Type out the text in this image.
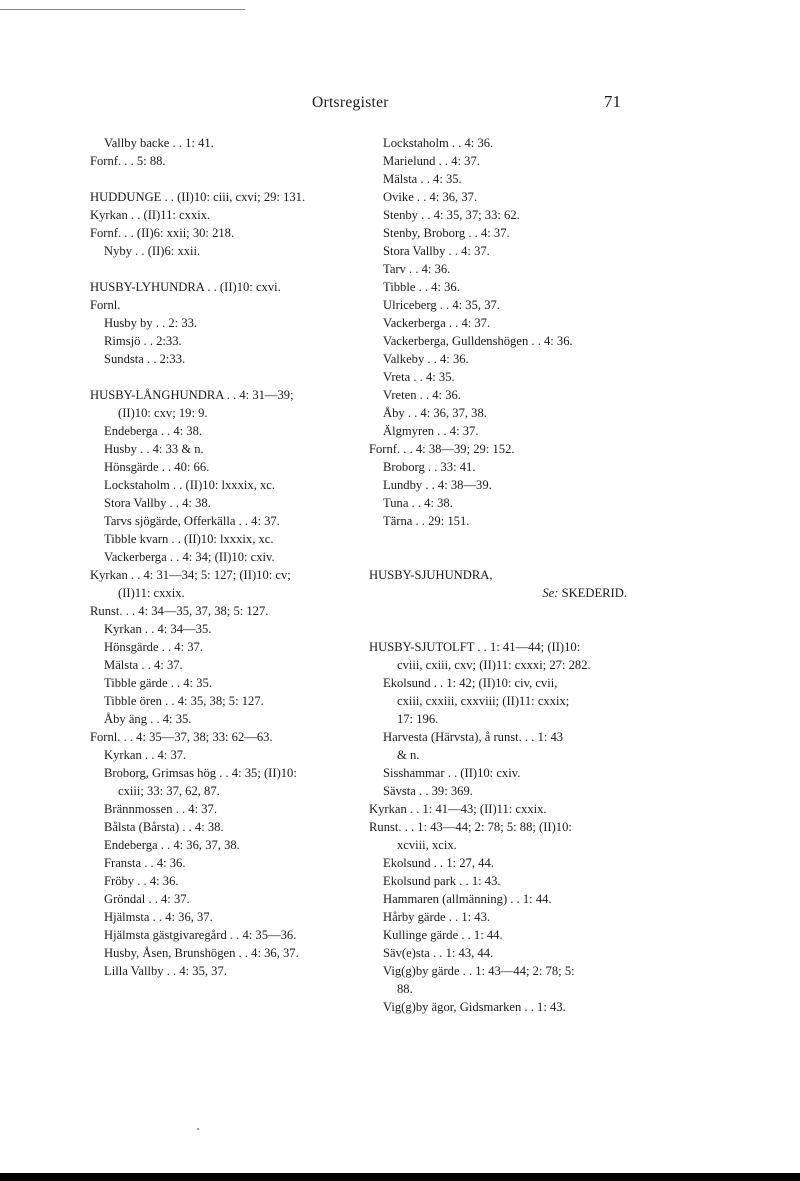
Ortsregister	71
Vallby backe . . 1: 41.
Fornf. . . 5: 88.
HUDDUNGE . . (II)10: ciii, cxvi; 29: 131.
Kyrkan . . (II)11: cxxix.
Fornf. . . (II)6: xxii; 30: 218.
Nyby . . (II)6: xxii.
HUSBY-LYHUNDRA . . (II)10: cxvi.
Fornl.
Husby by . . 2: 33.
Rimsjö . . 2:33.
Sundsta . . 2:33.
HUSBY-LÅNGHUNDRA . . 4: 31—39;
(II)10: cxv; 19: 9.
Endeberga . . 4: 38.
Husby . . 4: 33 & n.
Hönsgärde . . 40: 66.
Lockstaholm . . (II)10: lxxxix, xc.
Stora Vallby . . 4: 38.
Tarvs sjögärde, Offerkälla . . 4: 37.
Tibble kvarn . . (II)10: lxxxix, xc.
Vackerberga . . 4: 34; (II)10: cxiv.
Kyrkan . . 4: 31—34; 5: 127; (II)10: cv;
(II)11: cxxix.
Runst. . . 4: 34—35, 37, 38; 5: 127.
Kyrkan . . 4: 34—35.
Hönsgärde . . 4: 37.
Mälsta . . 4: 37.
Tibble gärde . . 4: 35.
Tibble ören . . 4: 35, 38; 5: 127.
Åby äng . . 4: 35.
Fornl. . . 4: 35—37, 38; 33: 62—63.
Kyrkan . . 4: 37.
Broborg, Grimsas hög . . 4: 35; (II)10:
cxiii; 33: 37, 62, 87.
Brännmossen . . 4: 37.
Bålsta (Bårsta) . . 4: 38.
Endeberga . . 4: 36, 37, 38.
Fransta . . 4: 36.
Fröby . . 4: 36.
Gröndal . . 4: 37.
Hjälmsta . . 4: 36, 37.
Hjälmsta gästgivaregård . . 4: 35—36.
Husby, Åsen, Brunshögen . . 4: 36, 37.
Lilla Vallby . . 4: 35, 37.
Lockstaholm . . 4: 36.
Marielund . . 4: 37.
Mälsta . . 4: 35.
Ovike . . 4: 36, 37.
Stenby . . 4: 35, 37; 33: 62.
Stenby, Broborg . . 4: 37.
Stora Vallby . . 4: 37.
Tarv . . 4: 36.
Tibble . . 4: 36.
Ulriceberg . . 4: 35, 37.
Vackerberga . . 4: 37.
Vackerberga, Gulldenshögen . . 4: 36.
Valkeby . . 4: 36.
Vreta . . 4: 35.
Vreten . . 4: 36.
Åby . . 4: 36, 37, 38.
Älgmyren . . 4: 37.
Fornf. . . 4: 38—39; 29: 152.
Broborg . . 33: 41.
Lundby . . 4: 38—39.
Tuna . . 4: 38.
Tärna . . 29: 151.
HUSBY-SJUHUNDRA,
Se: SKEDERID.
HUSBY-SJUTOLFT . . 1: 41—44; (II)10:
cviii, cxiii, cxv; (II)11: cxxxi; 27: 282.
Ekolsund . . 1: 42; (II)10: civ, cvii,
cxiii, cxxiii, cxxviii; (II)11: cxxix;
17: 196.
Harvesta (Härvsta), å runst. . . 1: 43
& n.
Sisshammar . . (II)10: cxiv.
Sävsta . . 39: 369.
Kyrkan . . 1: 41—43; (II)11: cxxix.
Runst. . . 1: 43—44; 2: 78; 5: 88; (II)10:
xcviii, xcix.
Ekolsund . . 1: 27, 44.
Ekolsund park . . 1: 43.
Hammaren (allmänning) . . 1: 44.
Hårby gärde . . 1: 43.
Kullinge gärde . . 1: 44.
Säv(e)sta . . 1: 43, 44.
Vig(g)by gärde . . 1: 43—44; 2: 78; 5:
88.
Vig(g)by ägor, Gidsmarken . . 1: 43.
